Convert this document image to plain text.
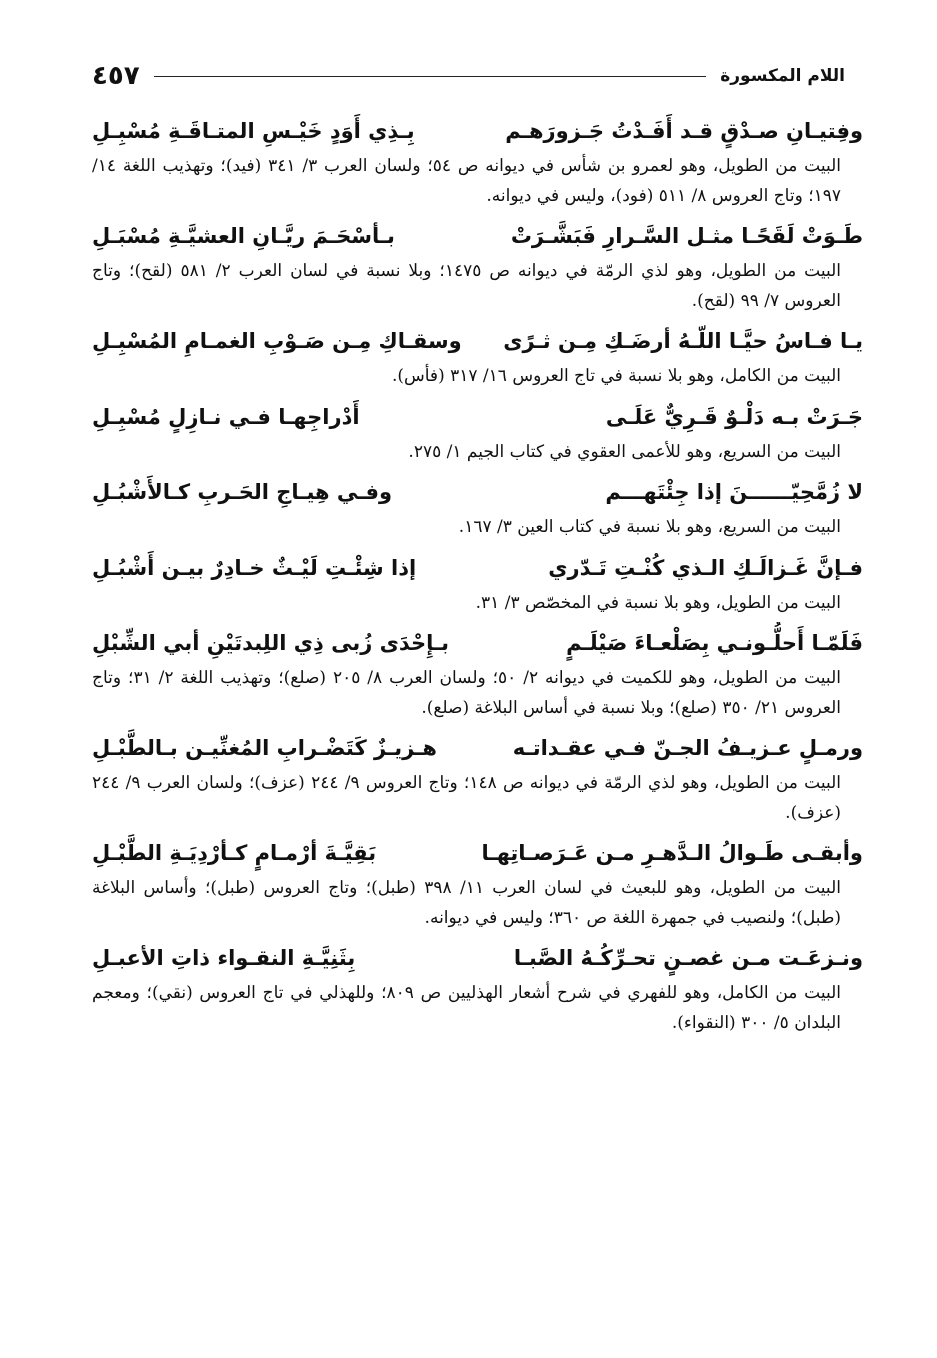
اللام المكسورة
٤٥٧
وفِتيـانِ صـدْقٍ قـد أَفَـدْتُ جَـزورَهـم
بِـذِي أَوَدٍ خَيْـسِ المتـاقَـةِ مُسْبِـلِ

البيت من الطويل، وهو لعمرو بن شأس في ديوانه ص ٥٤؛ ولسان العرب ٣/ ٣٤١ (فيد)؛ وتهذيب اللغة ١٤/ ١٩٧؛ وتاج العروس ٨/ ٥١١ (فود)، وليس في ديوانه.

طَـوَتْ لَقَحًـا مثـل السَّـرارِ فَبَشَّـرَتْ
بـأسْحَـمَ ريَّـانِ العشيَّـةِ مُسْبَـلِ

البيت من الطويل، وهو لذي الرمّة في ديوانه ص ١٤٧٥؛ وبلا نسبة في لسان العرب ٢/ ٥٨١ (لقح)؛ وتاج العروس ٧/ ٩٩ (لقح).

يـا فـاسُ حيَّـا اللّـهُ أرضَـكِ مِـن ثـرًى
وسقـاكِ مِـن صَـوْبِ الغمـامِ المُسْبِـلِ

البيت من الكامل، وهو بلا نسبة في تاج العروس ١٦/ ٣١٧ (فأس).

جَـرَتْ بـه دَلْـوٌ قَـرِيٌّ عَلَـى
أَدْراجِهـا فـي نـازِلٍ مُسْبِـلِ

البيت من السريع، وهو للأعمى العقوي في كتاب الجيم ١/ ٢٧٥.

لا زُمَّحِيّــــــنَ إذا جِئْتَهـــم
وفـي هِيـاجِ الحَـربِ كـالأَشْبُـلِ

البيت من السريع، وهو بلا نسبة في كتاب العين ٣/ ١٦٧.

فـإنَّ غَـزالَـكِ الـذي كُنْـتِ تَـدّري
إذا شِئْـتِ لَيْـثٌ خـادِرٌ بيـن أَشْبُـلِ

البيت من الطويل، وهو بلا نسبة في المخصّص ٣/ ٣١.

فَلَمّـا أَحلُّـونـي بِصَلْعـاءَ صَيْلَـمٍ
بـإِحْدَى زُبى ذِي اللِبدتَيْنِ أبي الشِّبْلِ

البيت من الطويل، وهو للكميت في ديوانه ٢/ ٥٠؛ ولسان العرب ٨/ ٢٠٥ (صلع)؛ وتهذيب اللغة ٢/ ٣١؛ وتاج العروس ٢١/ ٣٥٠ (صلع)؛ وبلا نسبة في أساس البلاغة (صلع).

ورمـلٍ عـزيـفُ الجـنّ فـي عقـداتـه
هـزيـزٌ كَتَضْـرابِ المُغنِّيـن بـالطَّبْـلِ

البيت من الطويل، وهو لذي الرمّة في ديوانه ص ١٤٨؛ وتاج العروس ٩/ ٢٤٤ (عزف)؛ ولسان العرب ٩/ ٢٤٤ (عزف).

وأبقـى طَـوالُ الـدَّهـرِ مـن عَـرَصـاتِهـا
بَقِيَّـةَ أرْمـامٍ كـأرْدِيَـةِ الطَّبْـلِ

البيت من الطويل، وهو للبعيث في لسان العرب ١١/ ٣٩٨ (طبل)؛ وتاج العروس (طبل)؛ وأساس البلاغة (طبل)؛ ولنصيب في جمهرة اللغة ص ٣٦٠؛ وليس في ديوانه.

ونـزعَـت مـن غصـنٍ تحـرِّكُـهُ الصَّبـا
بِثَنِيَّـةِ النقـواء ذاتِ الأعبـلِ

البيت من الكامل، وهو للفهري في شرح أشعار الهذليين ص ٨٠٩؛ وللهذلي في تاج العروس (نقي)؛ ومعجم البلدان ٥/ ٣٠٠ (النقواء).
